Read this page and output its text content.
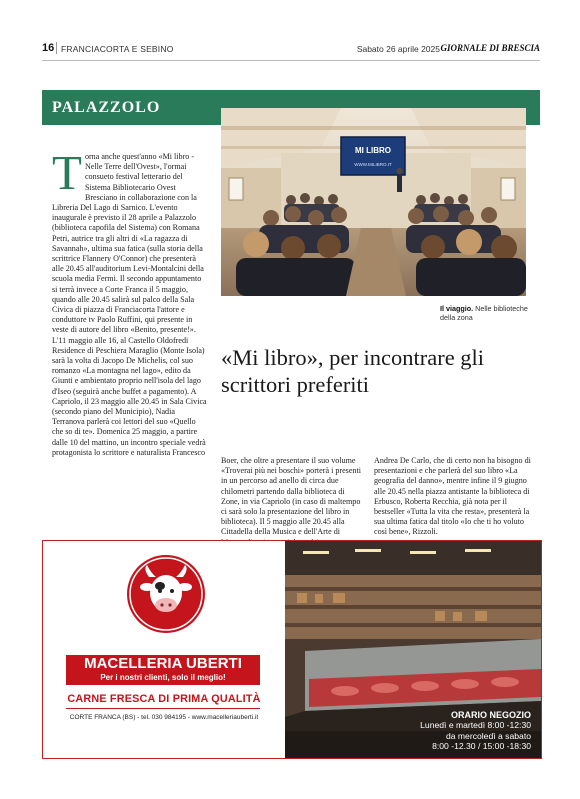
16 FRANCIACORTA E SEBINO	Sabato 26 aprile 2025 GIORNALE DI BRESCIA
PALAZZOLO
Torna anche quest'anno «Mi libro - Nelle Terre dell'Ovest», l'ormai consueto festival letterario del Sistema Bibliotecario Ovest Bresciano in collaborazione con la Libreria Del Lago di Sarnico. L'evento inaugurale è previsto il 28 aprile a Palazzolo (biblioteca capofila del Sistema) con Romana Petri, autrice tra gli altri di «La ragazza di Savannah», ultima sua fatica (sulla storia della scrittrice Flannery O'Connor) che presenterà alle 20.45 all'auditorium Levi-Montalcini della scuola media Fermi. Il secondo appuntamento si terrà invece a Corte Franca il 5 maggio, quando alle 20.45 salirà sul palco della Sala Civica di piazza di Franciacorta l'attore e conduttore tv Paolo Ruffini, qui presente in veste di autore del libro «Benito, presente!». L'11 maggio alle 16, al Castello Oldofredi Residence di Peschiera Maraglio (Monte Isola) sarà la volta di Jacopo De Michelis, col suo romanzo «La montagna nel lago», edito da Giunti e ambientato proprio nell'isola del lago d'Iseo (seguirà anche buffet a pagamento). A Capriolo, il 23 maggio alle 20.45 in Sala Civica (secondo piano del Municipio), Nadia Terranova parlerà coi lettori del suo «Quello che so di te». Domenica 25 maggio, a partire dalle 10 del mattino, un incontro speciale vedrà protagonista lo scrittore e naturalista Francesco
MI LIBRO
WWW.MILIBRO.IT
Il viaggio. Nelle biblioteche della zona
«Mi libro», per incontrare gli scrittori preferiti
Boer, che oltre a presentare il suo volume «Troverai più nei boschi» porterà i presenti in un percorso ad anello di circa due chilometri partendo dalla biblioteca di Zone, in via Capriolo (in caso di maltempo ci sarà solo la presentazione del libro in biblioteca). Il 5 maggio alle 20.45 alla Cittadella della Musica e dell'Arte di
Andrea De Carlo, che di certo non ha bisogno di presentazioni e che parlerà del suo libro «La geografia del danno», mentre infine il 9 giugno alle 20.45 nella piazza antistante la biblioteca di Erbusco, Roberta Recchia, già nota per il bestseller «Tutta la vita che resta», presenterà la sua ultima fatica dal titolo «Io che ti ho voluto così bene», Rizzoli.
MACELLERIA UBERTI
Per i nostri clienti, solo il meglio!
CARNE FRESCA DI PRIMA QUALITÀ
CORTE FRANCA (BS) - tel. 030 984195 - www.macelleriauberti.it	ORARIO NEGOZIO
Lunedì e martedì 8:00 -12:30
da mercoledì a sabato
8:00 -12.30 / 15:00 -18:30
